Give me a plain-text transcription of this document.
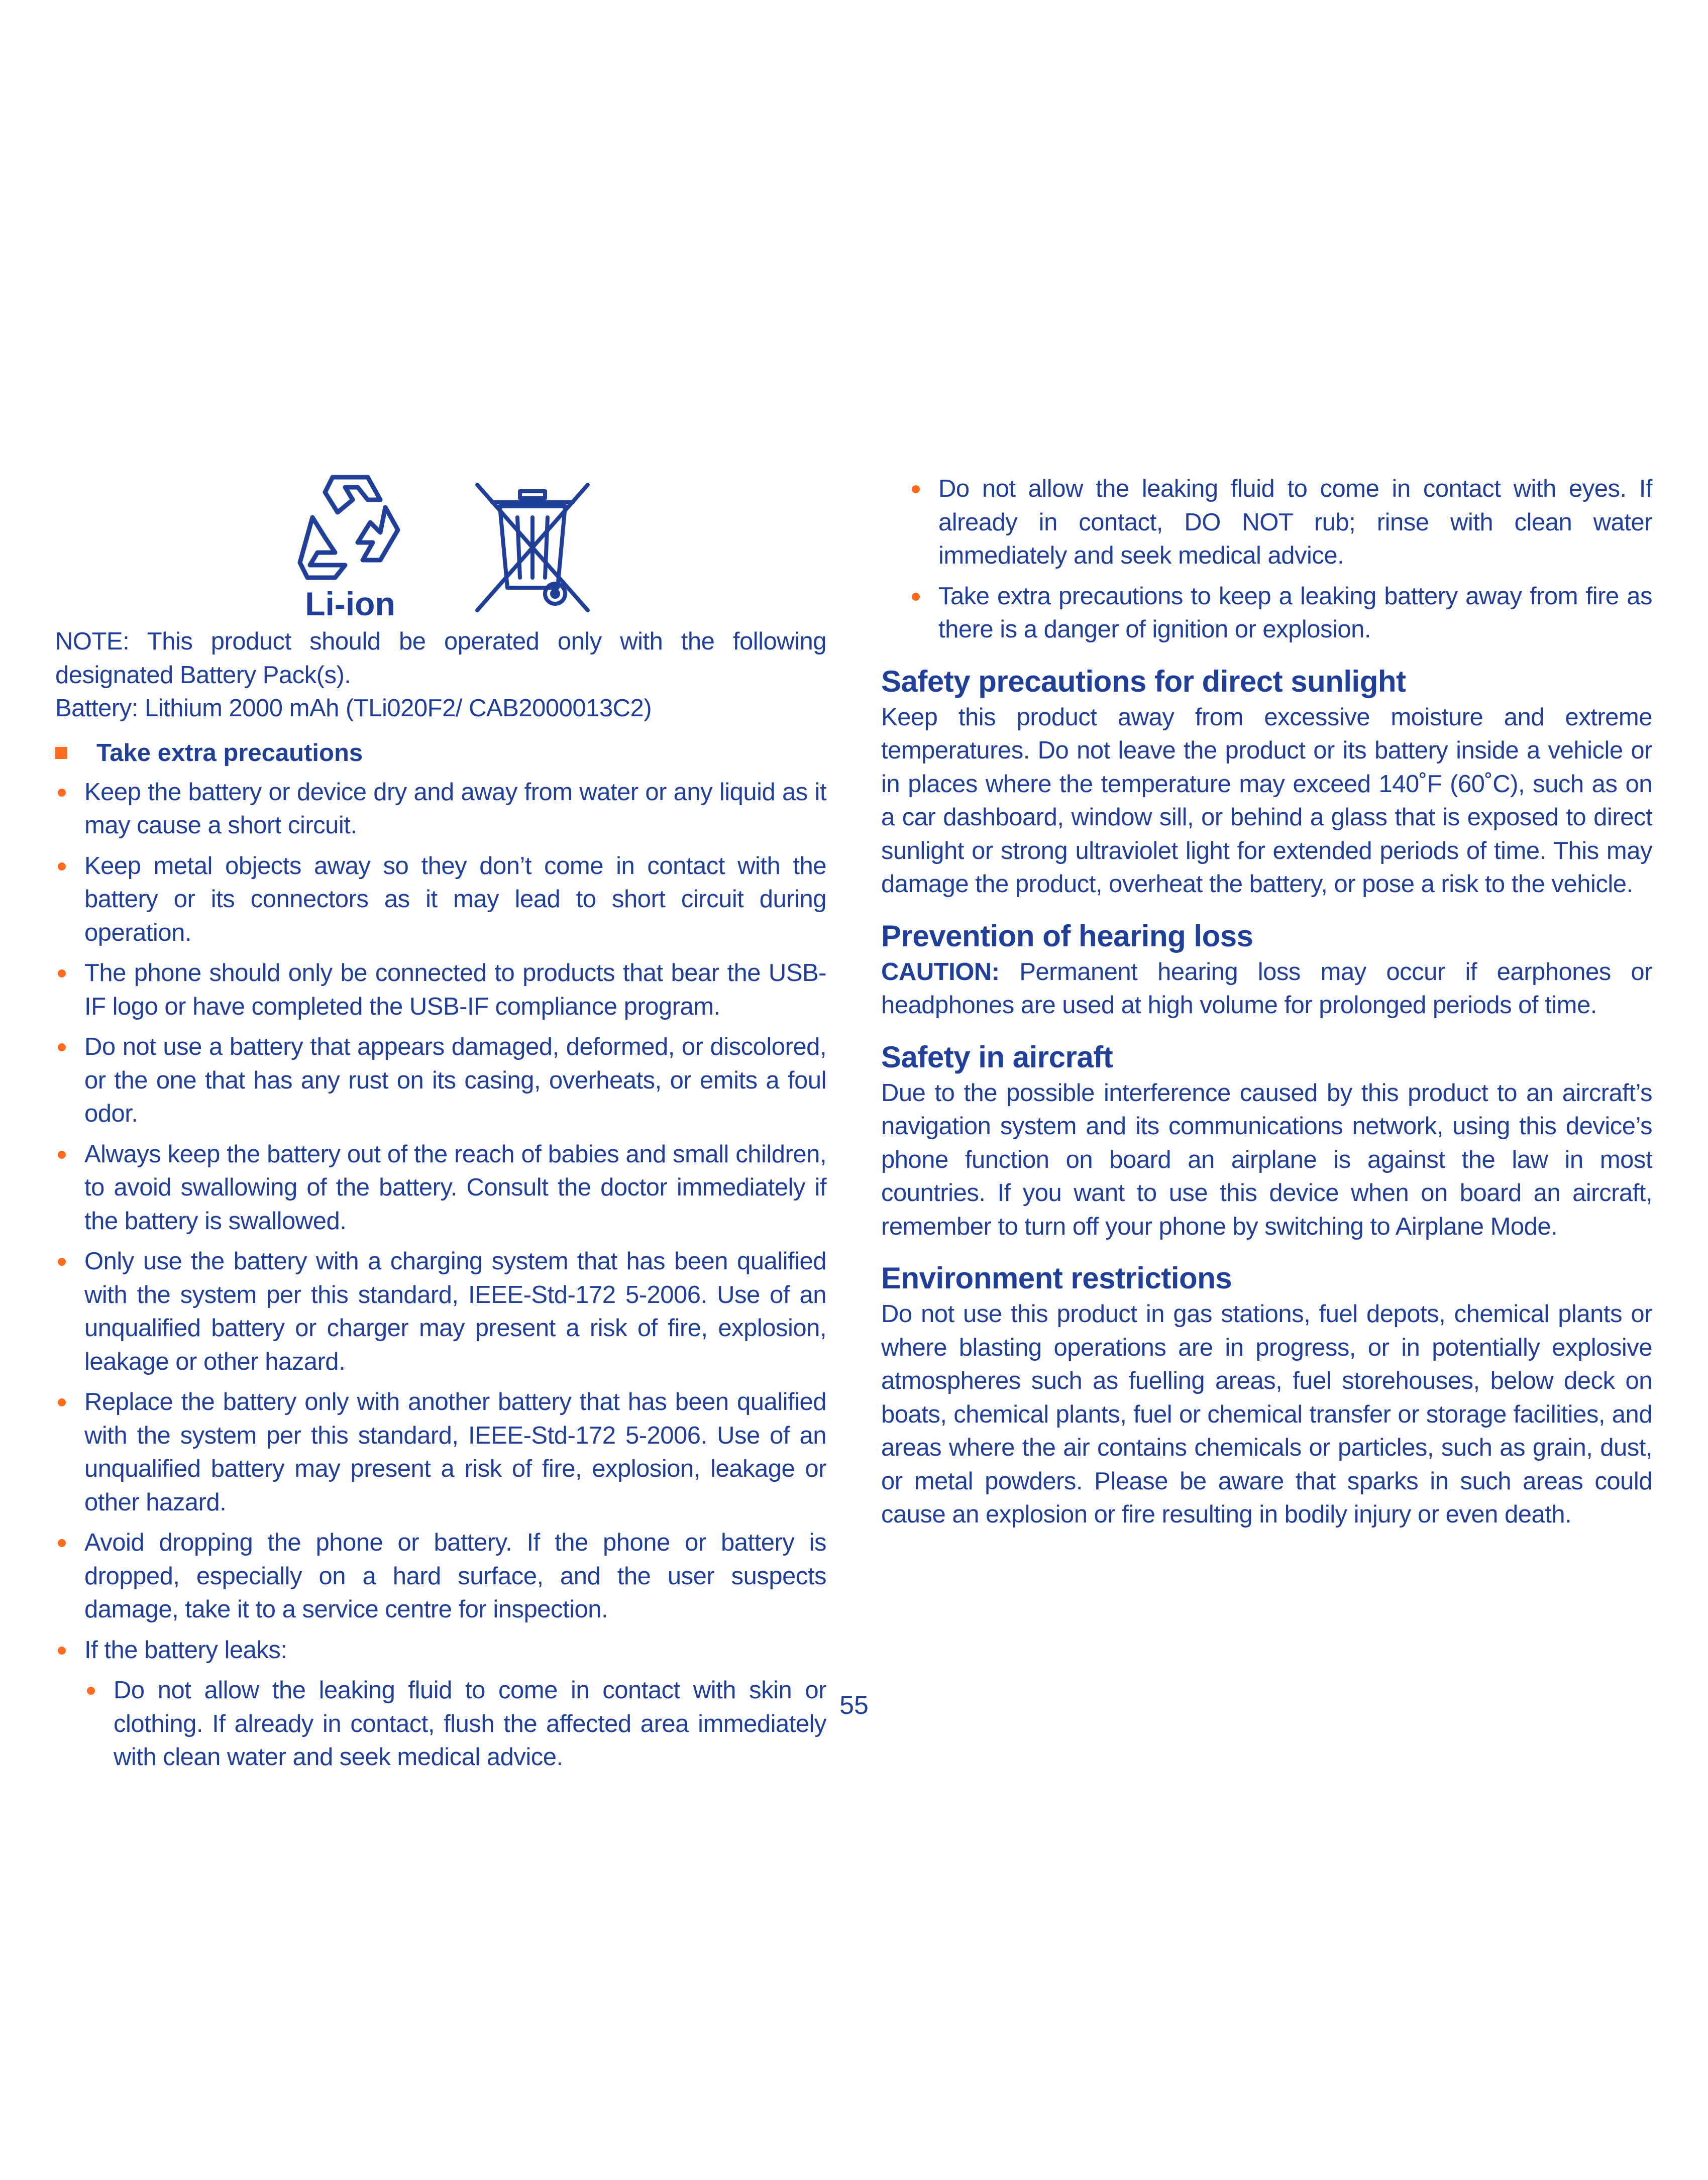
Li-ion

NOTE: This product should be operated only with the following designated Battery Pack(s).

Battery: Lithium 2000 mAh (TLi020F2/ CAB2000013C2)

Take extra precautions
Keep the battery or device dry and away from water or any liquid as it may cause a short circuit.
Keep metal objects away so they don’t come in contact with the battery or its connectors as it may lead to short circuit during operation.
The phone should only be connected to products that bear the USB-IF logo or have completed the USB-IF compliance program.
Do not use a battery that appears damaged, deformed, or discolored, or the one that has any rust on its casing, overheats, or emits a foul odor.
Always keep the battery out of the reach of babies and small children, to avoid swallowing of the battery. Consult the doctor immediately if the battery is swallowed.
Only use the battery with a charging system that has been qualified with the system per this standard, IEEE-Std-172 5-2006. Use of an unqualified battery or charger may present a risk of fire, explosion, leakage or other hazard.
Replace the battery only with another battery that has been qualified with the system per this standard, IEEE-Std-172 5-2006. Use of an unqualified battery may present a risk of fire, explosion, leakage or other hazard.
Avoid dropping the phone or battery. If the phone or battery is dropped, especially on a hard surface, and the user suspects damage, take it to a service centre for inspection.
If the battery leaks:
Do not allow the leaking fluid to come in contact with skin or clothing. If already in contact, flush the affected area immediately with clean water and seek medical advice.
Do not allow the leaking fluid to come in contact with eyes. If already in contact, DO NOT rub; rinse with clean water immediately and seek medical advice.
Take extra precautions to keep a leaking battery away from fire as there is a danger of ignition or explosion.
Safety precautions for direct sunlight

Keep this product away from excessive moisture and extreme temperatures. Do not leave the product or its battery inside a vehicle or in places where the temperature may exceed 140˚F (60˚C), such as on a car dashboard, window sill, or behind a glass that is exposed to direct sunlight or strong ultraviolet light for extended periods of time. This may damage the product, overheat the battery, or pose a risk to the vehicle.

Prevention of hearing loss

CAUTION: Permanent hearing loss may occur if earphones or headphones are used at high volume for prolonged periods of time.

Safety in aircraft

Due to the possible interference caused by this product to an aircraft’s navigation system and its communications network, using this device’s phone function on board an airplane is against the law in most countries. If you want to use this device when on board an aircraft, remember to turn off your phone by switching to Airplane Mode.

Environment restrictions

Do not use this product in gas stations, fuel depots, chemical plants or where blasting operations are in progress, or in potentially explosive atmospheres such as fuelling areas, fuel storehouses, below deck on boats, chemical plants, fuel or chemical transfer or storage facilities, and areas where the air contains chemicals or particles, such as grain, dust, or metal powders. Please be aware that sparks in such areas could cause an explosion or fire resulting in bodily injury or even death.

55
